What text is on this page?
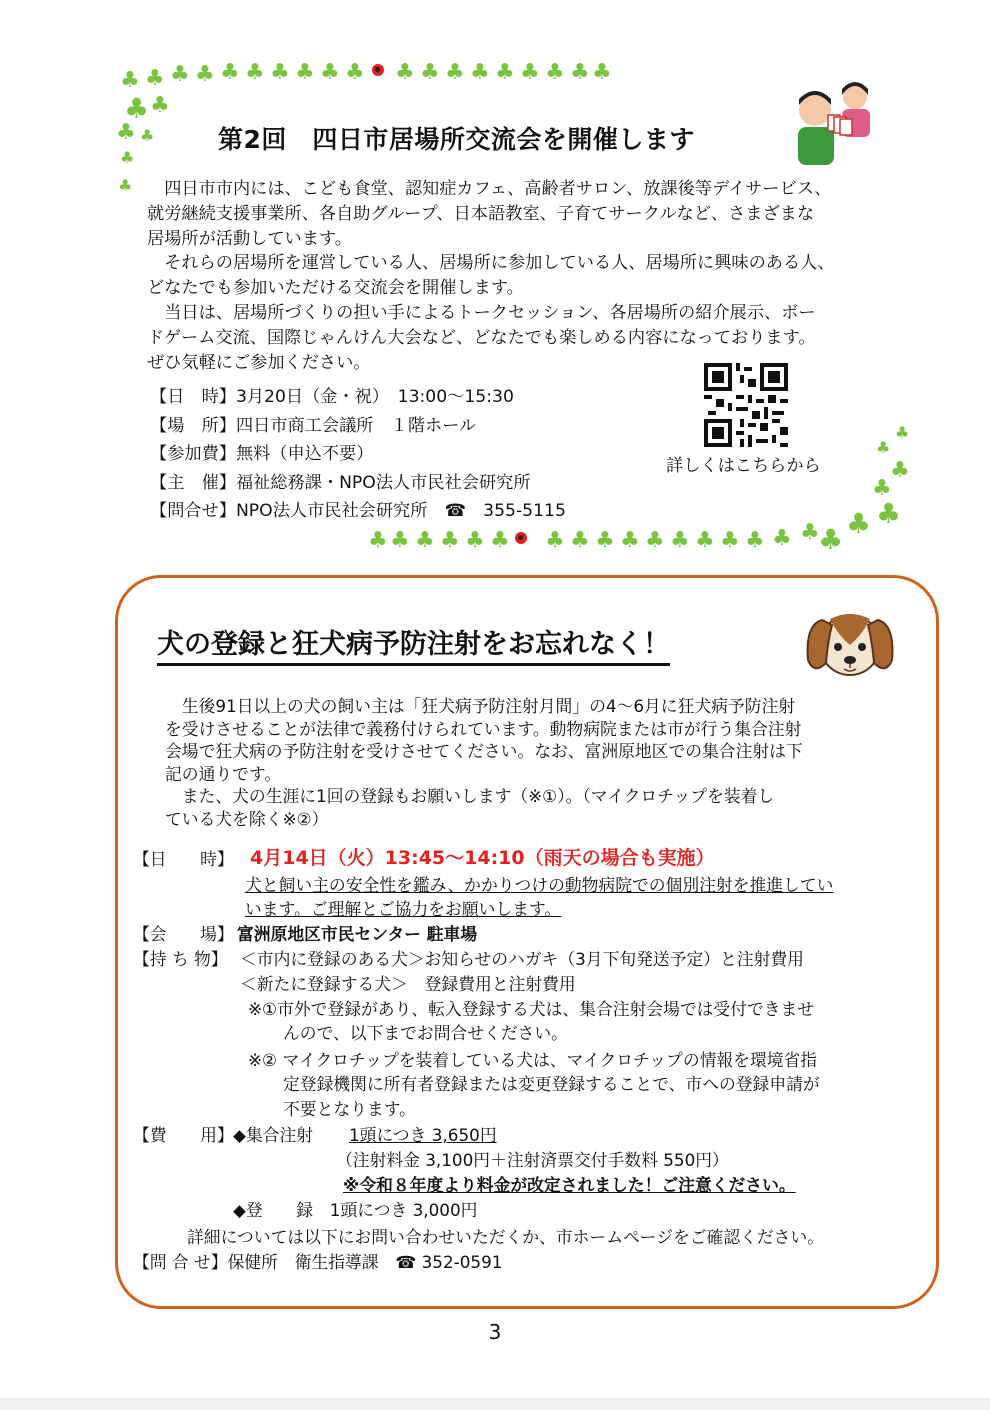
♣ ♣ ♣ ♣ ♣ ♣ ♣ ♣ ♣ ♣ ♣ ♣ ♣ ♣ ♣ ♣ ♣ ♣ ♣
♣ ♣
♣ ♣
♣
♣
第2回　四日市居場所交流会を開催します
　四日市市内には、こども食堂、認知症カフェ、高齢者サロン、放課後等デイサービス、
就労継続支援事業所、各自助グループ、日本語教室、子育てサークルなど、さまざまな
居場所が活動しています。
　それらの居場所を運営している人、居場所に参加している人、居場所に興味のある人、
どなたでも参加いただける交流会を開催します。
　当日は、居場所づくりの担い手によるトークセッション、各居場所の紹介展示、ボー
ドゲーム交流、国際じゃんけん大会など、どなたでも楽しめる内容になっております。
ぜひ気軽にご参加ください。
【日　時】3月20日（金・祝）　13:00～15:30
【場　所】四日市商工会議所　１階ホール
【参加費】無料（申込不要）
【主　催】福祉総務課・NPO法人市民社会研究所
【問合せ】NPO法人市民社会研究所　☎　355-5115
詳しくはこちらから
♣
♣
♣
♣
♣
♣
♣
♣
♣
♣
♣
♣
♣
♣
♣
♣
♣
♣
♣
♣
♣
♣
♣
♣
犬の登録と狂犬病予防注射をお忘れなく！
　生後91日以上の犬の飼い主は「狂犬病予防注射月間」の4～6月に狂犬病予防注射
を受けさせることが法律で義務付けられています。動物病院または市が行う集合注射
会場で狂犬病の予防注射を受けさせてください。なお、富洲原地区での集合注射は下
記の通りです。
　また、犬の生涯に1回の登録もお願いします（※①）。（マイクロチップを装着し
ている犬を除く※②）
【日　　時】 4月14日（火）13:45～14:10（雨天の場合も実施）
犬と飼い主の安全性を鑑み、かかりつけの動物病院での個別注射を推進してい
います。ご理解とご協力をお願いします。
【会　　場】 富洲原地区市民センター 駐車場
【持 ち 物】 ＜市内に登録のある犬＞お知らせのハガキ（3月下旬発送予定）と注射費用
＜新たに登録する犬＞　登録費用と注射費用
※①市外で登録があり、転入登録する犬は、集合注射会場では受付できませ
んので、以下までお問合せください。
※② マイクロチップを装着している犬は、マイクロチップの情報を環境省指
定登録機関に所有者登録または変更登録することで、市への登録申請が
不要となります。
【費　　用】 ◆集合注射　 1頭につき 3,650円
（注射料金 3,100円＋注射済票交付手数料 550円）
※令和８年度より料金が改定されました！ご注意ください。
◆登　　録　1頭につき 3,000円
詳細については以下にお問い合わせいただくか、市ホームページをご確認ください。
【問 合 せ】保健所　衛生指導課　☎ 352-0591
3
